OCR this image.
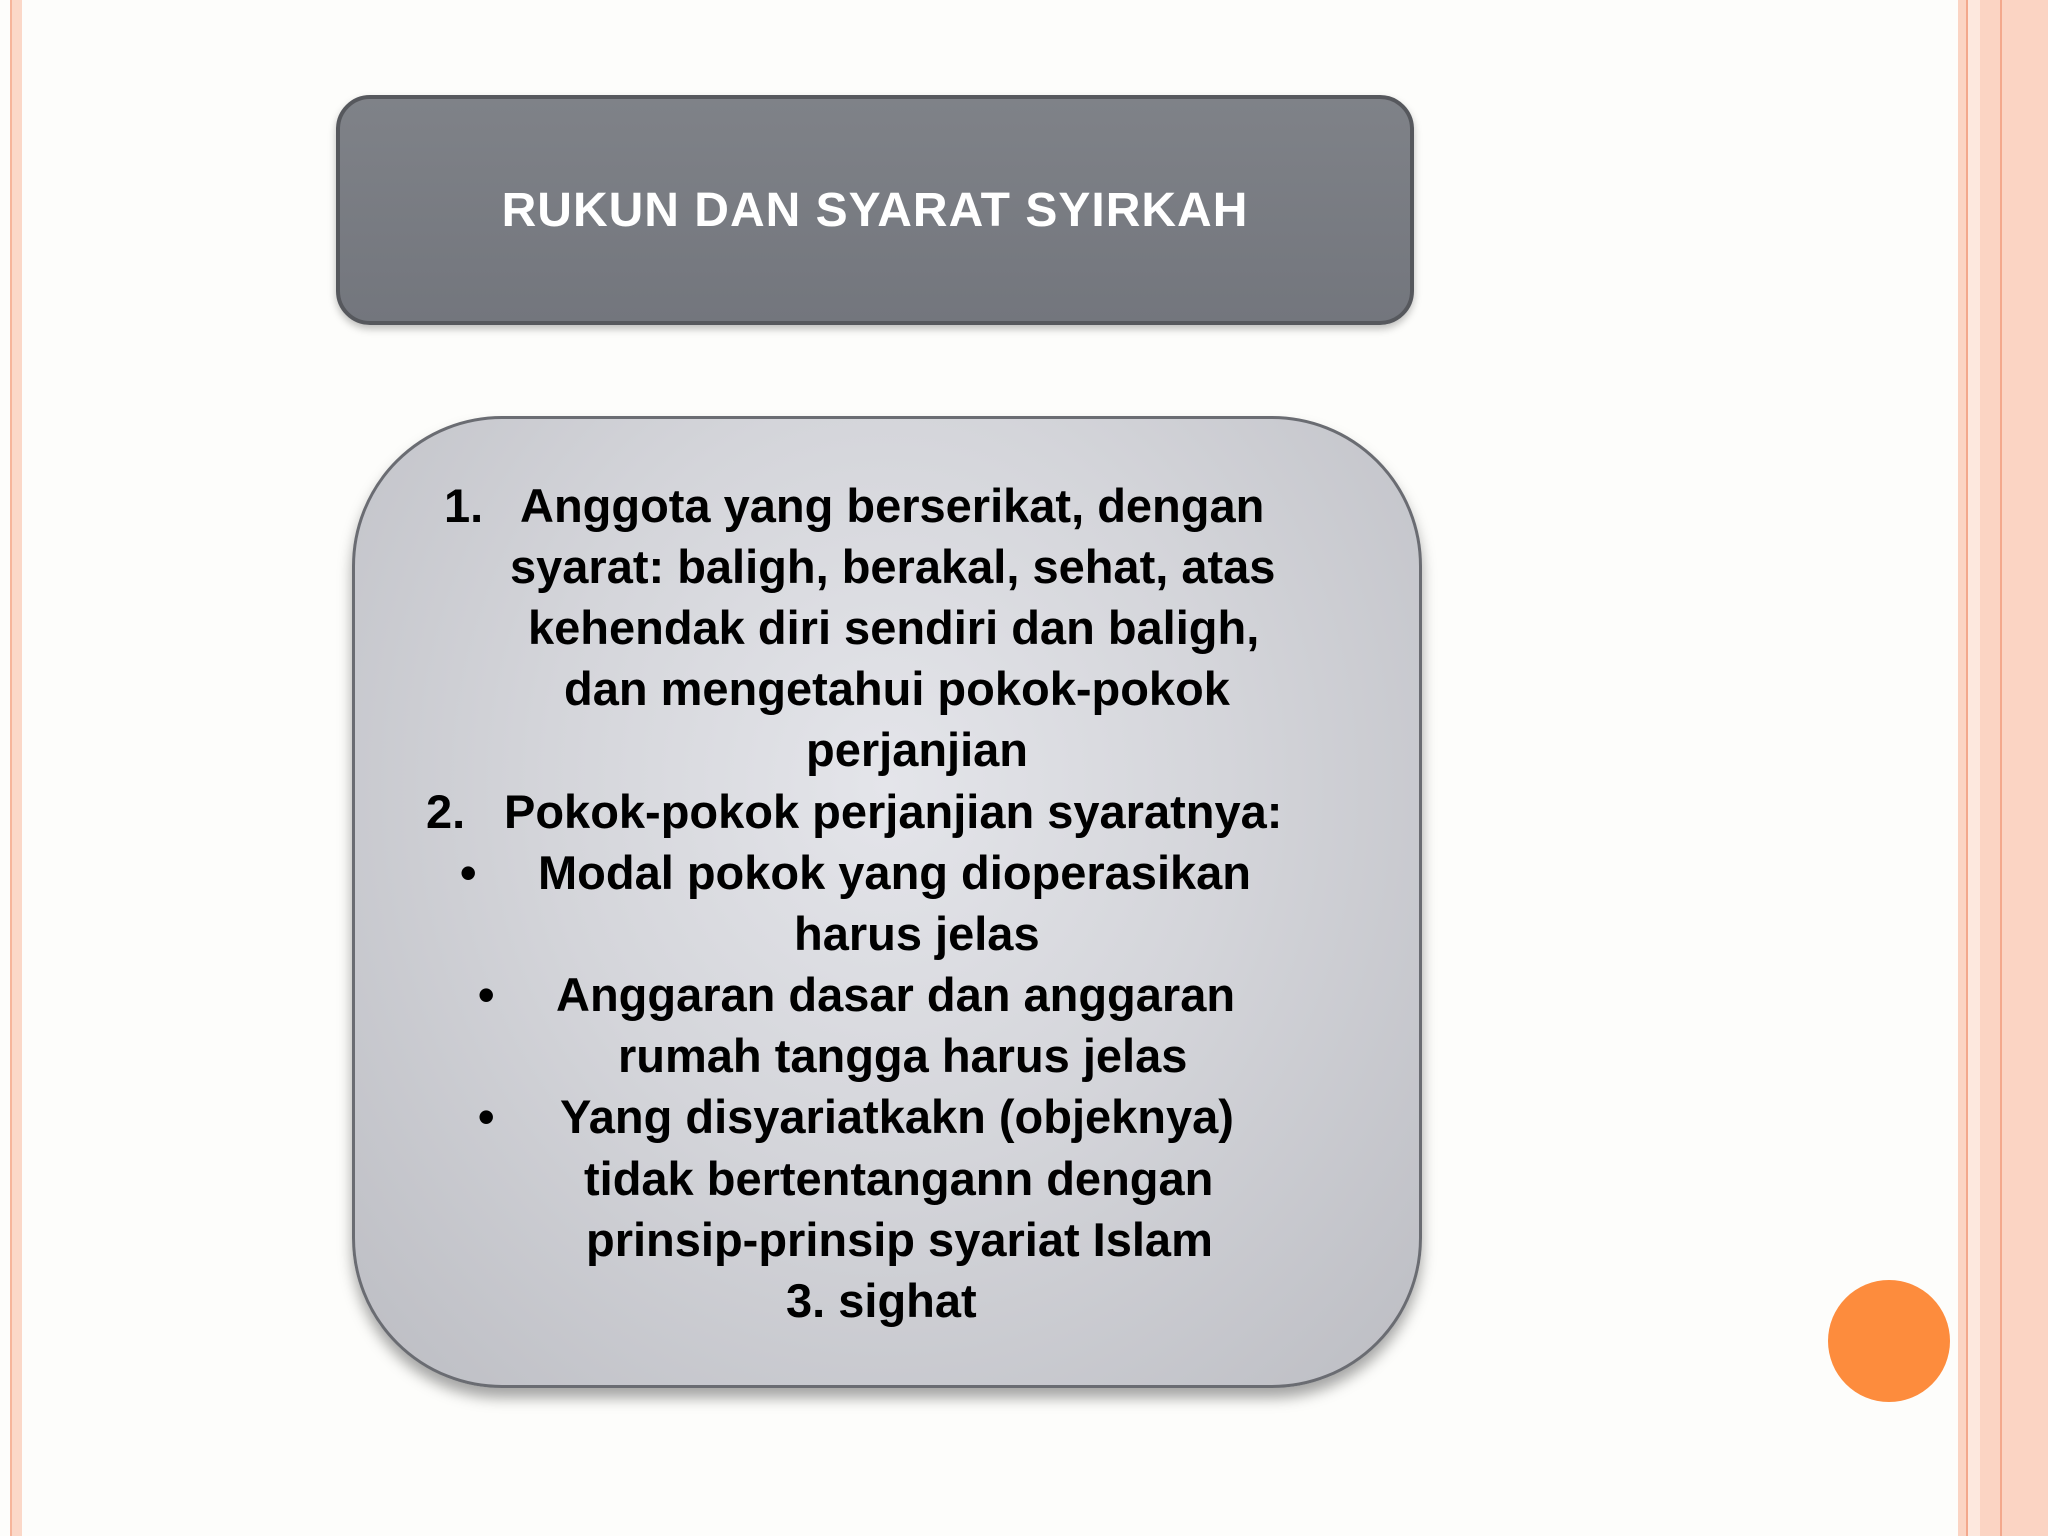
RUKUN DAN SYARAT SYIRKAH
1. Anggota yang berserikat, dengan
syarat: baligh, berakal, sehat, atas
kehendak diri sendiri dan baligh,
dan mengetahui pokok-pokok
perjanjian
2. Pokok-pokok perjanjian syaratnya:
•	Modal pokok yang dioperasikan
harus jelas
•	Anggaran dasar dan anggaran
rumah tangga harus jelas
•	Yang disyariatkakn (objeknya)
tidak bertentangann dengan
prinsip-prinsip syariat Islam
3. sighat
